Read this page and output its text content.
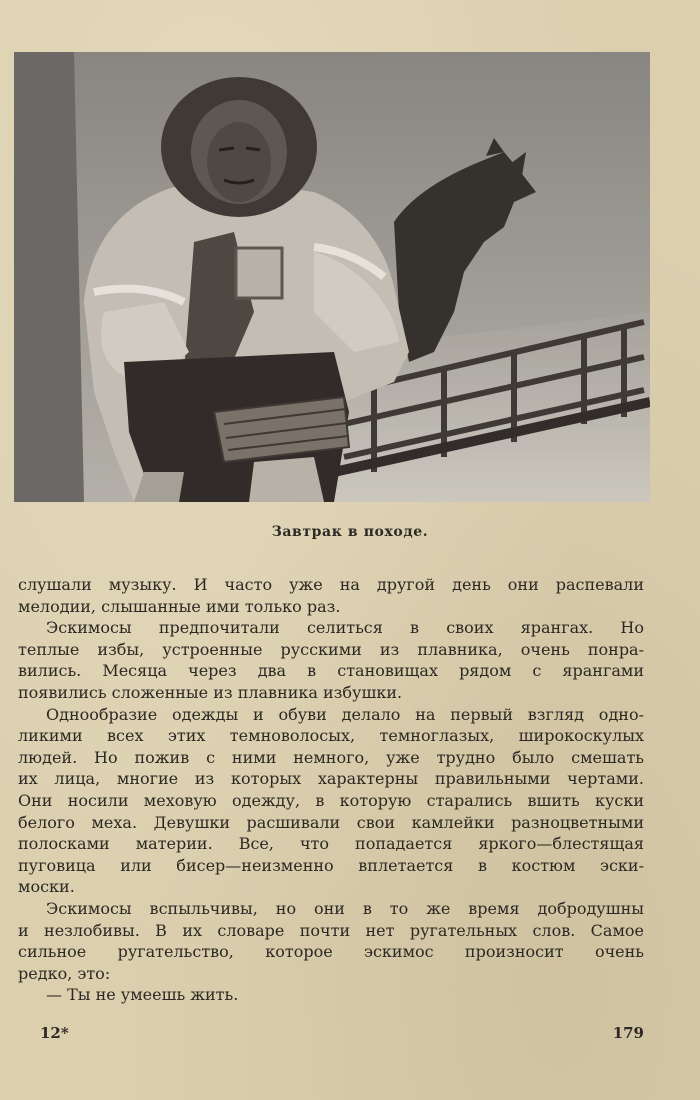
Завтрак в походе.
слушали музыку. И часто уже на другой день они распевали
мелодии, слышанные ими только раз.
Эскимосы предпочитали селиться в своих ярангах. Но
теплые избы, устроенные русскими из плавника, очень понра-
вились. Месяца через два в становищах рядом с ярангами
появились сложенные из плавника избушки.
Однообразие одежды и обуви делало на первый взгляд одно-
ликими всех этих темноволосых, темноглазых, широкоскулых
людей. Но пожив с ними немного, уже трудно было смешать
их лица, многие из которых характерны правильными чертами.
Они носили меховую одежду, в которую старались вшить куски
белого меха. Девушки расшивали свои камлейки разноцветными
полосками материи. Все, что попадается яркого—блестящая
пуговица или бисер—неизменно вплетается в костюм эски-
моски.
Эскимосы вспыльчивы, но они в то же время добродушны
и незлобивы. В их словаре почти нет ругательных слов. Самое
сильное ругательство, которое эскимос произносит очень
редко, это:
— Ты не умеешь жить.
12*	179
